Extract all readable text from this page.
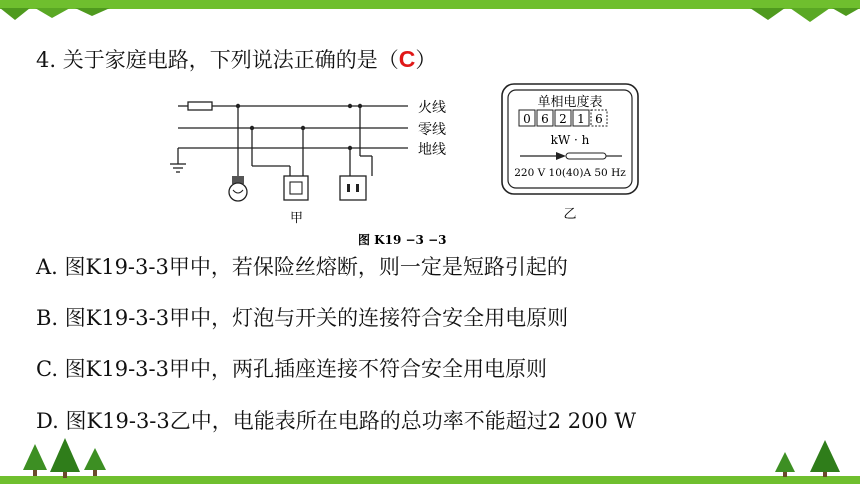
4. 关于家庭电路，下列说法正确的是（C）
火线
零线
地线
甲
图 K19 −3 −3
单相电度表
0 6 2 1 6
kW · h
220 V 10(40)A 50 Hz
乙
A. 图K19-3-3甲中，若保险丝熔断，则一定是短路引起的
B. 图K19-3-3甲中，灯泡与开关的连接符合安全用电原则
C. 图K19-3-3甲中，两孔插座连接不符合安全用电原则
D. 图K19-3-3乙中，电能表所在电路的总功率不能超过2 200 W
